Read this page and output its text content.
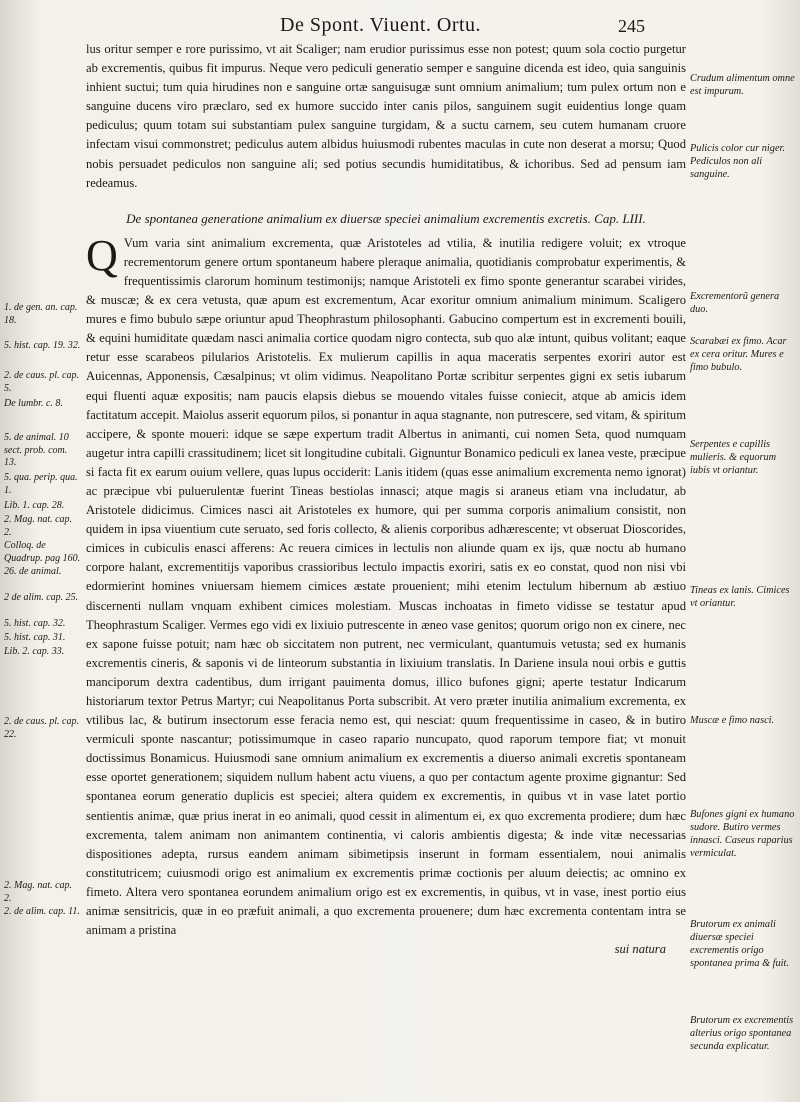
De Spont. Viuent. Ortu.	245

lus oritur semper e rore purissimo, vt ait Scaliger; nam erudior purissimus esse non potest; quum sola coctio purgetur ab excrementis, quibus fit impurus. Neque vero pediculi generatio semper e sanguine dicenda est ideo, quia sanguinis inhient suctui; tum quia hirudines non e sanguine ortæ sanguisugæ sunt omnium animalium; tum pulex ortum non e sanguine ducens viro præclaro, sed ex humore succido inter canis pilos, sanguinem sugit euidentius longe quam pediculus; quum totam sui substantiam pulex sanguine turgidam, & a suctu carnem, seu cutem humanam cruore infectam visui commonstret; pediculus autem albidus huiusmodi rubentes maculas in cute non deserat a morsu; Quod nobis persuadet pediculos non sanguine ali; sed potius secundis humiditatibus, & ichoribus. Sed ad pensum iam redeamus.

De spontanea generatione animalium ex diuersæ speciei animalium excrementis excretis. Cap. LIII.

Q Vum varia sint animalium excrementa, quæ Aristoteles ad vtilia, & inutilia redigere voluit; ex vtroque recrementorum genere ortum spontaneum habere pleraque animalia, quotidianis comprobatur experimentis, & frequentissimis clarorum hominum testimonijs; namque Aristoteli ex fimo sponte generantur scarabei virides, & muscæ; & ex cera vetusta, quæ apum est excrementum, Acar exoritur omnium animalium minimum. Scaligero mures e fimo bubulo sæpe oriuntur apud Theophrastum philosophanti. Gabucino compertum est in excrementi bouili, & equini humiditate quædam nasci animalia cortice quodam nigro contecta, sub quo alæ intunt, quibus volitant; eaque retur esse scarabeos pilularios Aristotelis. Ex mulierum capillis in aqua maceratis serpentes exoriri autor est Auicennas, Apponensis, Cæsalpinus; vt olim vidimus. Neapolitano Portæ scribitur serpentes gigni ex setis iubarum equi fluenti aquæ expositis; nam paucis elapsis diebus se mouendo vitales fuisse coniecit, atque ab amicis idem factitatum accepit. Maiolus asserit equorum pilos, si ponantur in aqua stagnante, non putrescere, sed vitam, & spiritum accipere, & sponte moueri: idque se sæpe expertum tradit Albertus in animanti, cui nomen Seta, quod numquam augetur intra capilli crassitudinem; licet sit longitudine cubitali. Gignuntur Bonamico pediculi ex lanea veste, præcipue si facta fit ex earum ouium vellere, quas lupus occiderit: Lanis itidem (quas esse animalium excrementa nemo ignorat) ac præcipue vbi puluerulentæ fuerint Tineas bestiolas innasci; atque magis si araneus etiam vna includatur, ab Aristotele didicimus. Cimices nasci ait Aristoteles ex humore, qui per summa corporis animalium consistit, non quidem in ipsa viuentium cute seruato, sed foris collecto, & alienis corporibus adhærescente; vt obseruat Dioscorides, cimices in cubiculis enasci afferens: Ac reuera cimices in lectulis non aliunde quam ex ijs, quæ noctu ab humano corpore halant, excrementitijs vaporibus crassioribus lectulo impactis exoriri, satis ex eo constat, quod non nisi vbi edormierint homines vniuersam hiemem cimices æstate prouenient; mihi etenim lectulum hibernum ab æstiuo discernenti nullam vnquam exhibent cimices molestiam. Muscas inchoatas in fimeto vidisse se testatur apud Theophrastum Scaliger. Vermes ego vidi ex lixiuio putrescente in æneo vase genitos; quorum origo non ex cinere, nec ex sapone fuisse potuit; nam hæc ob siccitatem non putrent, nec vermiculant, quantumuis vetusta; sed ex humanis excrementis cineris, & saponis vi de linteorum substantia in lixiuium translatis. In Dariene insula noui orbis e guttis manciporum dextra cadentibus, dum irrigant pauimenta domus, illico bufones gigni; aperte testatur Indicarum historiarum textor Petrus Martyr; cui Neapolitanus Porta subscribit. At vero præter inutilia animalium excrementa, ex vtilibus lac, & butirum insectorum esse feracia nemo est, qui nesciat: quum frequentissime in caseo, & in butiro vermiculi sponte nascantur; potissimumque in caseo rapario nuncupato, quod raporum tempore fiat; vt monuit doctissimus Bonamicus. Huiusmodi sane omnium animalium ex excrementis a diuerso animali excretis spontaneam esse oportet generationem; siquidem nullum habent actu viuens, a quo per contactum agente proxime gignantur: Sed spontanea eorum generatio duplicis est speciei; altera quidem ex excrementis, in quibus vt in vase latet portio sentientis animæ, quæ prius inerat in eo animali, quod cessit in alimentum ei, ex quo excrementa prodiere; dum hæc excrementa, talem animam non animantem continentia, vi caloris ambientis digesta; & inde vitæ necessarias dispositiones adepta, rursus eandem animam sibimetipsis inserunt in formam essentialem, noui animalis constitutricem; cuiusmodi origo est animalium ex excrementis primæ coctionis per aluum deiectis; ac omnino ex fimeto. Altera vero spontanea eorundem animalium origo est ex excrementis, in quibus, vt in vase, inest portio eius animæ sensitricis, quæ in eo præfuit animali, a quo excrementa prouenere; dum hæc excrementa contentam intra se animam a pristina

sui natura

Crudum alimentum omne est impurum.
Pulicis color cur niger. Pediculos non ali sanguine.
Excrementorũ genera duo.
Scarabæi ex fimo. Acar ex cera oritur. Mures e fimo bubulo.
Serpentes e capillis mulieris. & equorum iubis vt oriantur.
Tineas ex lanis. Cimices vt oriantur.
Muscæ e fimo nasci.
Bufones gigni ex humano sudore. Butiro vermes innasci. Caseus raparius vermiculat.
Brutorum ex animali diuersæ speciei excrementis origo spontanea prima & fuit.
Brutorum ex excrementis alterius origo spontanea secunda explicatur.
1. de gen. an. cap. 18.
5. hist. cap. 19. 32.
2. de caus. pl. cap. 5.
De lumbr. c. 8.
5. de animal. 10 sect. prob. com. 13.
5. qua. perip. qua. 1.
Lib. 1. cap. 28.
2. Mag. nat. cap. 2.
Colloq. de Quadrup. pag 160.
26. de animal.
2 de alim. cap. 25.
5. hist. cap. 32.
5. hist. cap. 31.
Lib. 2. cap. 33.
2. de caus. pl. cap. 22.
2. Mag. nat. cap. 2.
2. de alim. cap. 11.
